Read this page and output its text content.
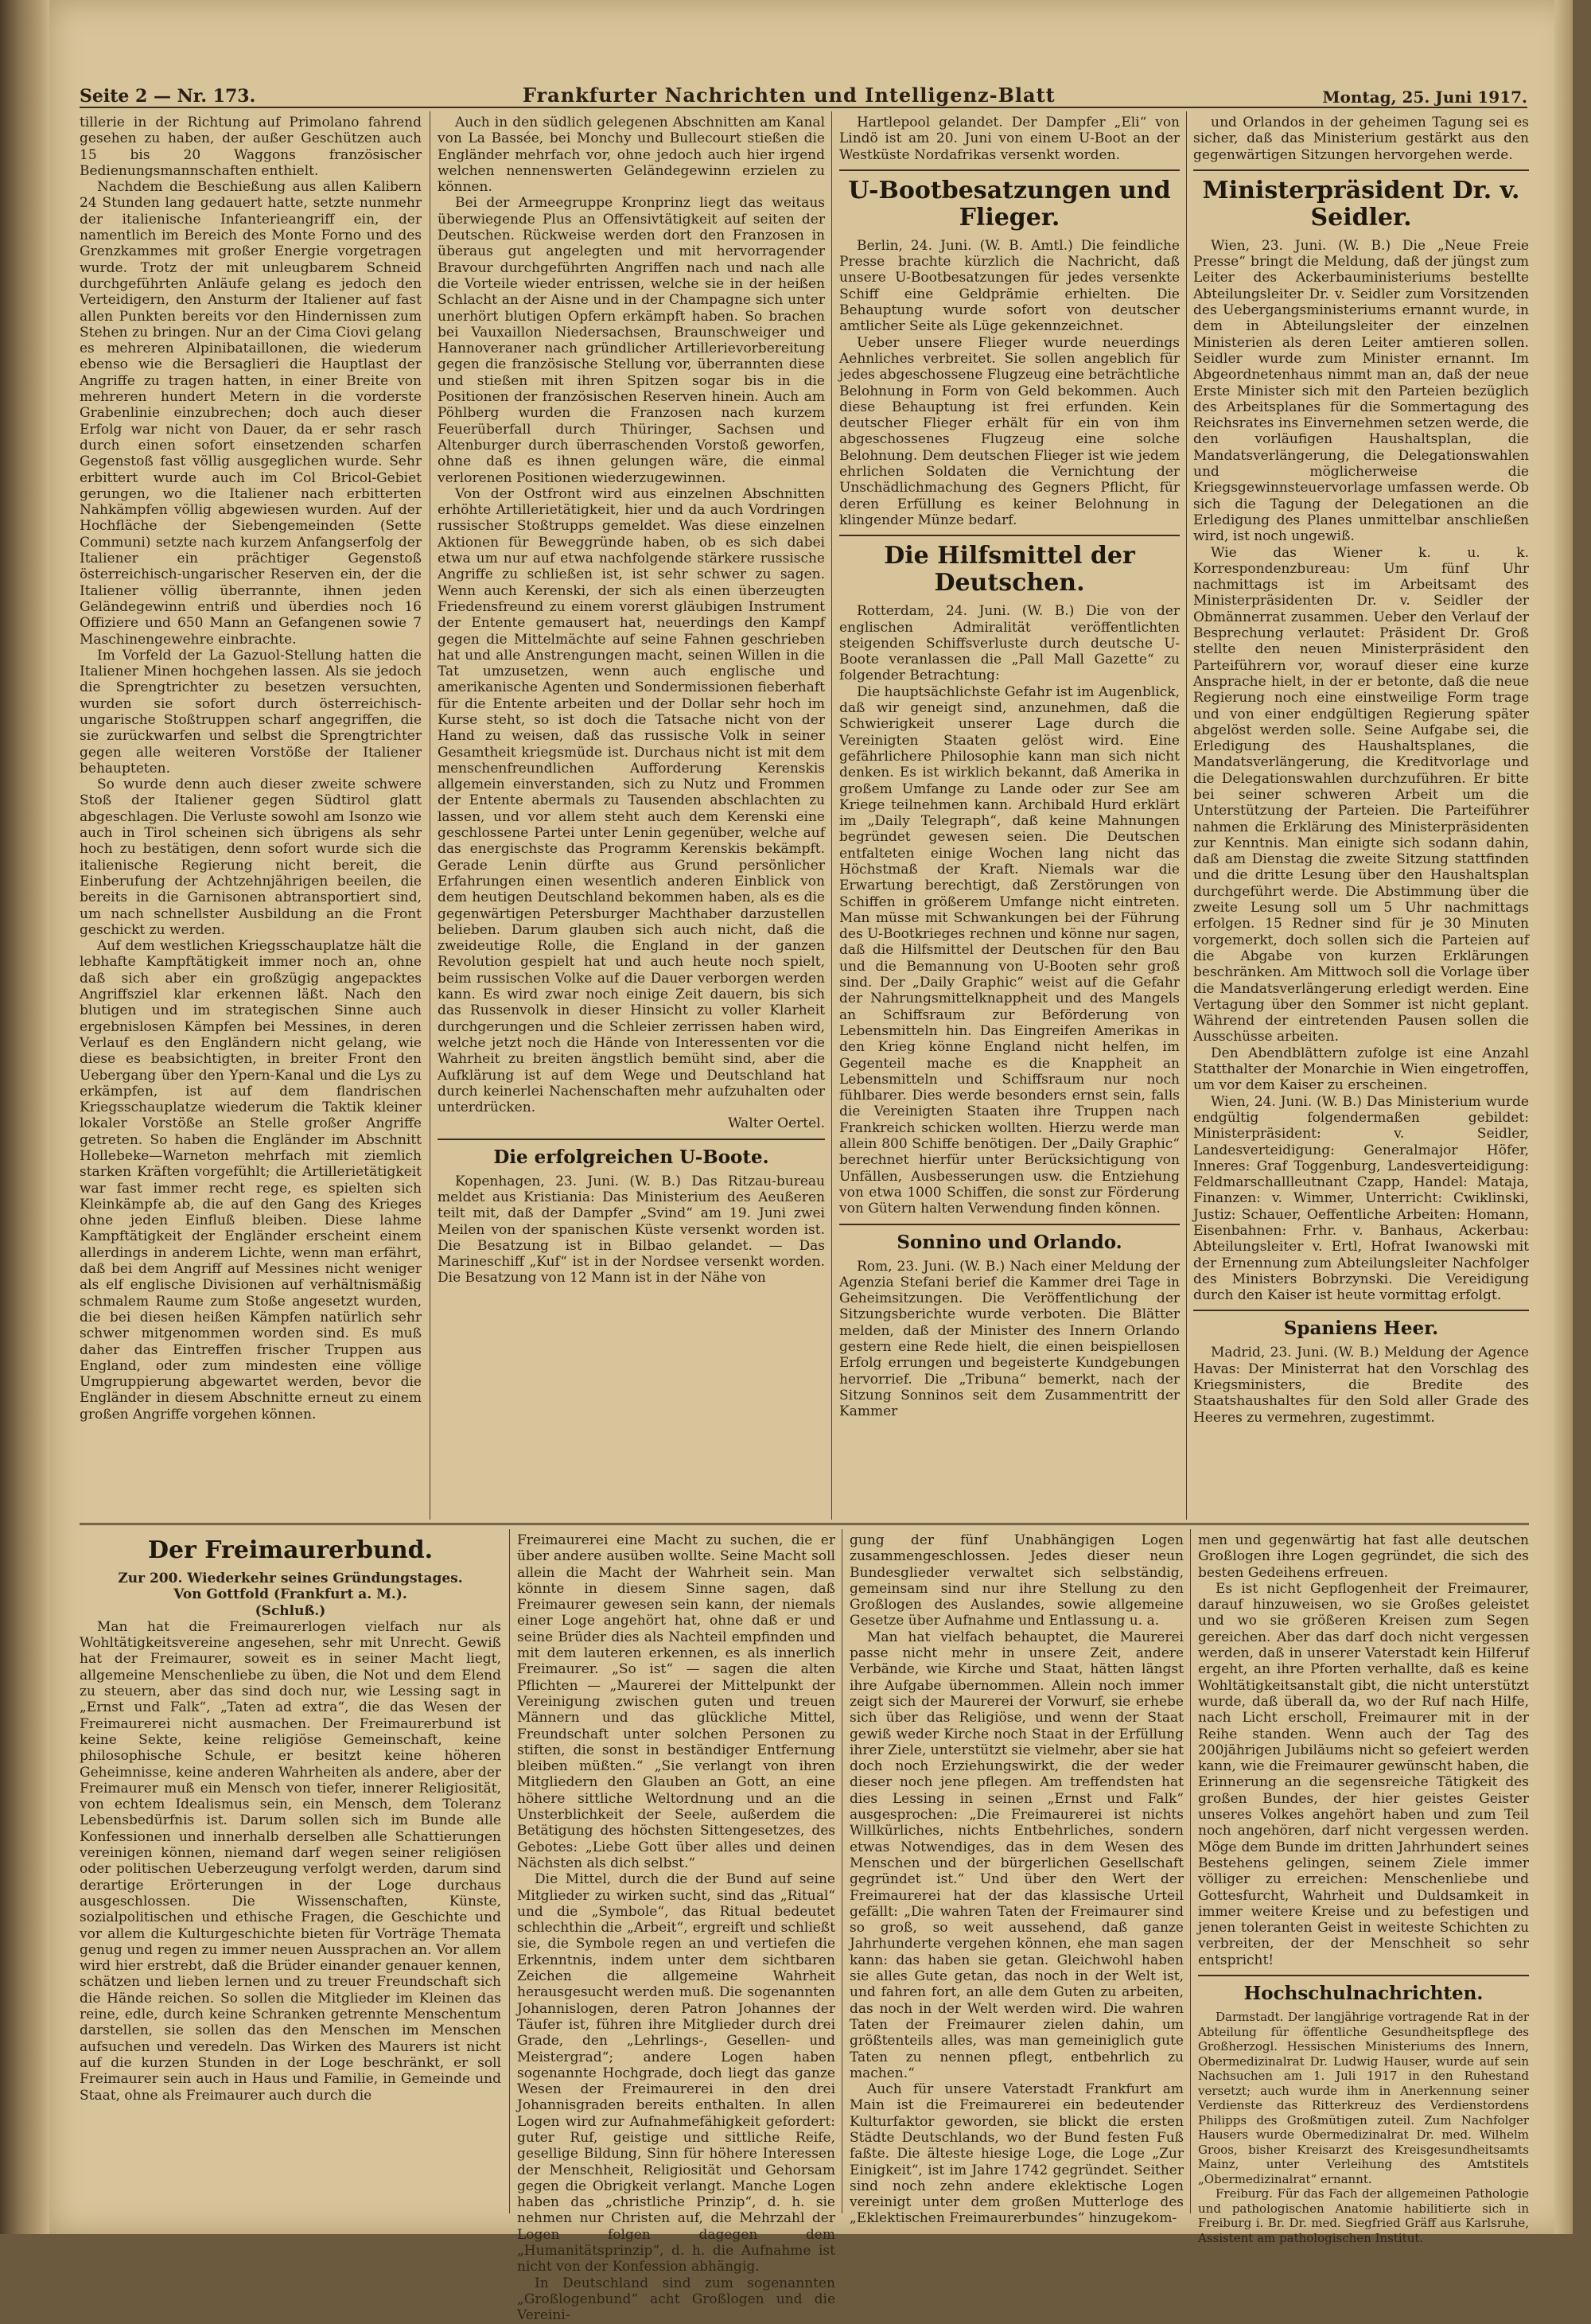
Seite 2 — Nr. 173.	Frankfurter Nachrichten und Intelligenz-Blatt	Montag, 25. Juni 1917.

tillerie in der Richtung auf Primolano fahrend gesehen zu haben, der außer Geschützen auch 15 bis 20 Waggons französischer Bedienungsmannschaften enthielt.

Nachdem die Beschießung aus allen Kalibern 24 Stunden lang gedauert hatte, setzte nunmehr der italienische Infanterieangriff ein, der namentlich im Bereich des Monte Forno und des Grenzkammes mit großer Energie vorgetragen wurde. Trotz der mit unleugbarem Schneid durchgeführten Anläufe gelang es jedoch den Verteidigern, den Ansturm der Italiener auf fast allen Punkten bereits vor den Hindernissen zum Stehen zu bringen. Nur an der Cima Ciovi gelang es mehreren Alpinibataillonen, die wiederum ebenso wie die Bersaglieri die Hauptlast der Angriffe zu tragen hatten, in einer Breite von mehreren hundert Metern in die vorderste Grabenlinie einzubrechen; doch auch dieser Erfolg war nicht von Dauer, da er sehr rasch durch einen sofort einsetzenden scharfen Gegenstoß fast völlig ausgeglichen wurde. Sehr erbittert wurde auch im Col Bricol-Gebiet gerungen, wo die Italiener nach erbitterten Nahkämpfen völlig abgewiesen wurden. Auf der Hochfläche der Siebengemeinden (Sette Communi) setzte nach kurzem Anfangserfolg der Italiener ein prächtiger Gegenstoß österreichisch-ungarischer Reserven ein, der die Italiener völlig überrannte, ihnen jeden Geländegewinn entriß und überdies noch 16 Offiziere und 650 Mann an Gefangenen sowie 7 Maschinengewehre einbrachte.

Im Vorfeld der La Gazuol-Stellung hatten die Italiener Minen hochgehen lassen. Als sie jedoch die Sprengtrichter zu besetzen versuchten, wurden sie sofort durch österreichisch-ungarische Stoßtruppen scharf angegriffen, die sie zurückwarfen und selbst die Sprengtrichter gegen alle weiteren Vorstöße der Italiener behaupteten.

So wurde denn auch dieser zweite schwere Stoß der Italiener gegen Südtirol glatt abgeschlagen. Die Verluste sowohl am Isonzo wie auch in Tirol scheinen sich übrigens als sehr hoch zu bestätigen, denn sofort wurde sich die italienische Regierung nicht bereit, die Einberufung der Achtzehnjährigen beeilen, die bereits in die Garnisonen abtransportiert sind, um nach schnellster Ausbildung an die Front geschickt zu werden.

Auf dem westlichen Kriegsschauplatze hält die lebhafte Kampftätigkeit immer noch an, ohne daß sich aber ein großzügig angepacktes Angriffsziel klar erkennen läßt. Nach den blutigen und im strategischen Sinne auch ergebnislosen Kämpfen bei Messines, in deren Verlauf es den Engländern nicht gelang, wie diese es beabsichtigten, in breiter Front den Uebergang über den Ypern-Kanal und die Lys zu erkämpfen, ist auf dem flandrischen Kriegsschauplatze wiederum die Taktik kleiner lokaler Vorstöße an Stelle großer Angriffe getreten. So haben die Engländer im Abschnitt Hollebeke—Warneton mehrfach mit ziemlich starken Kräften vorgefühlt; die Artillerietätigkeit war fast immer recht rege, es spielten sich Kleinkämpfe ab, die auf den Gang des Krieges ohne jeden Einfluß bleiben. Diese lahme Kampftätigkeit der Engländer erscheint einem allerdings in anderem Lichte, wenn man erfährt, daß bei dem Angriff auf Messines nicht weniger als elf englische Divisionen auf verhältnismäßig schmalem Raume zum Stoße angesetzt wurden, die bei diesen heißen Kämpfen natürlich sehr schwer mitgenommen worden sind. Es muß daher das Eintreffen frischer Truppen aus England, oder zum mindesten eine völlige Umgruppierung abgewartet werden, bevor die Engländer in diesem Abschnitte erneut zu einem großen Angriffe vorgehen können.

Auch in den südlich gelegenen Abschnitten am Kanal von La Bassée, bei Monchy und Bullecourt stießen die Engländer mehrfach vor, ohne jedoch auch hier irgend welchen nennenswerten Geländegewinn erzielen zu können.

Bei der Armeegruppe Kronprinz liegt das weitaus überwiegende Plus an Offensivtätigkeit auf seiten der Deutschen. Rückweise werden dort den Franzosen in überaus gut angelegten und mit hervorragender Bravour durchgeführten Angriffen nach und nach alle die Vorteile wieder entrissen, welche sie in der heißen Schlacht an der Aisne und in der Champagne sich unter unerhört blutigen Opfern erkämpft haben. So brachen bei Vauxaillon Niedersachsen, Braunschweiger und Hannoveraner nach gründlicher Artillerievorbereitung gegen die französische Stellung vor, überrannten diese und stießen mit ihren Spitzen sogar bis in die Positionen der französischen Reserven hinein. Auch am Pöhlberg wurden die Franzosen nach kurzem Feuerüberfall durch Thüringer, Sachsen und Altenburger durch überraschenden Vorstoß geworfen, ohne daß es ihnen gelungen wäre, die einmal verlorenen Positionen wiederzugewinnen.

Von der Ostfront wird aus einzelnen Abschnitten erhöhte Artillerietätigkeit, hier und da auch Vordringen russischer Stoßtrupps gemeldet. Was diese einzelnen Aktionen für Beweggründe haben, ob es sich dabei etwa um nur auf etwa nachfolgende stärkere russische Angriffe zu schließen ist, ist sehr schwer zu sagen. Wenn auch Kerenski, der sich als einen überzeugten Friedensfreund zu einem vorerst gläubigen Instrument der Entente gemausert hat, neuerdings den Kampf gegen die Mittelmächte auf seine Fahnen geschrieben hat und alle Anstrengungen macht, seinen Willen in die Tat umzusetzen, wenn auch englische und amerikanische Agenten und Sondermissionen fieberhaft für die Entente arbeiten und der Dollar sehr hoch im Kurse steht, so ist doch die Tatsache nicht von der Hand zu weisen, daß das russische Volk in seiner Gesamtheit kriegsmüde ist. Durchaus nicht ist mit dem menschenfreundlichen Aufforderung Kerenskis allgemein einverstanden, sich zu Nutz und Frommen der Entente abermals zu Tausenden abschlachten zu lassen, und vor allem steht auch dem Kerenski eine geschlossene Partei unter Lenin gegenüber, welche auf das energischste das Programm Kerenskis bekämpft. Gerade Lenin dürfte aus Grund persönlicher Erfahrungen einen wesentlich anderen Einblick von dem heutigen Deutschland bekommen haben, als es die gegenwärtigen Petersburger Machthaber darzustellen belieben. Darum glauben sich auch nicht, daß die zweideutige Rolle, die England in der ganzen Revolution gespielt hat und auch heute noch spielt, beim russischen Volke auf die Dauer verborgen werden kann. Es wird zwar noch einige Zeit dauern, bis sich das Russenvolk in dieser Hinsicht zu voller Klarheit durchgerungen und die Schleier zerrissen haben wird, welche jetzt noch die Hände von Interessenten vor die Wahrheit zu breiten ängstlich bemüht sind, aber die Aufklärung ist auf dem Wege und Deutschland hat durch keinerlei Nachenschaften mehr aufzuhalten oder unterdrücken.

Walter Oertel.

Die erfolgreichen U-Boote.

Kopenhagen, 23. Juni. (W. B.) Das Ritzau-bureau meldet aus Kristiania: Das Ministerium des Aeußeren teilt mit, daß der Dampfer „Svind“ am 19. Juni zwei Meilen von der spanischen Küste versenkt worden ist. Die Besatzung ist in Bilbao gelandet. — Das Marineschiff „Kuf“ ist in der Nordsee versenkt worden. Die Besatzung von 12 Mann ist in der Nähe von

Hartlepool gelandet. Der Dampfer „Eli“ von Lindö ist am 20. Juni von einem U-Boot an der Westküste Nordafrikas versenkt worden.

U-Bootbesatzungen und Flieger.

Berlin, 24. Juni. (W. B. Amtl.) Die feindliche Presse brachte kürzlich die Nachricht, daß unsere U-Bootbesatzungen für jedes versenkte Schiff eine Geldprämie erhielten. Die Behauptung wurde sofort von deutscher amtlicher Seite als Lüge gekennzeichnet.

Ueber unsere Flieger wurde neuerdings Aehnliches verbreitet. Sie sollen angeblich für jedes abgeschossene Flugzeug eine beträchtliche Belohnung in Form von Geld bekommen. Auch diese Behauptung ist frei erfunden. Kein deutscher Flieger erhält für ein von ihm abgeschossenes Flugzeug eine solche Belohnung. Dem deutschen Flieger ist wie jedem ehrlichen Soldaten die Vernichtung der Unschädlichmachung des Gegners Pflicht, für deren Erfüllung es keiner Belohnung in klingender Münze bedarf.

Die Hilfsmittel der Deutschen.

Rotterdam, 24. Juni. (W. B.) Die von der englischen Admiralität veröffentlichten steigenden Schiffsverluste durch deutsche U-Boote veranlassen die „Pall Mall Gazette“ zu folgender Betrachtung:

Die hauptsächlichste Gefahr ist im Augenblick, daß wir geneigt sind, anzunehmen, daß die Schwierigkeit unserer Lage durch die Vereinigten Staaten gelöst wird. Eine gefährlichere Philosophie kann man sich nicht denken. Es ist wirklich bekannt, daß Amerika in großem Umfange zu Lande oder zur See am Kriege teilnehmen kann. Archibald Hurd erklärt im „Daily Telegraph“, daß keine Mahnungen begründet gewesen seien. Die Deutschen entfalteten einige Wochen lang nicht das Höchstmaß der Kraft. Niemals war die Erwartung berechtigt, daß Zerstörungen von Schiffen in größerem Umfange nicht eintreten. Man müsse mit Schwankungen bei der Führung des U-Bootkrieges rechnen und könne nur sagen, daß die Hilfsmittel der Deutschen für den Bau und die Bemannung von U-Booten sehr groß sind. Der „Daily Graphic“ weist auf die Gefahr der Nahrungsmittelknappheit und des Mangels an Schiffsraum zur Beförderung von Lebensmitteln hin. Das Eingreifen Amerikas in den Krieg könne England nicht helfen, im Gegenteil mache es die Knappheit an Lebensmitteln und Schiffsraum nur noch fühlbarer. Dies werde besonders ernst sein, falls die Vereinigten Staaten ihre Truppen nach Frankreich schicken wollten. Hierzu werde man allein 800 Schiffe benötigen. Der „Daily Graphic“ berechnet hierfür unter Berücksichtigung von Unfällen, Ausbesserungen usw. die Entziehung von etwa 1000 Schiffen, die sonst zur Förderung von Gütern halten Verwendung finden können.

Sonnino und Orlando.

Rom, 23. Juni. (W. B.) Nach einer Meldung der Agenzia Stefani berief die Kammer drei Tage in Geheimsitzungen. Die Veröffentlichung der Sitzungsberichte wurde verboten. Die Blätter melden, daß der Minister des Innern Orlando gestern eine Rede hielt, die einen beispiellosen Erfolg errungen und begeisterte Kundgebungen hervorrief. Die „Tribuna“ bemerkt, nach der Sitzung Sonninos seit dem Zusammentritt der Kammer

und Orlandos in der geheimen Tagung sei es sicher, daß das Ministerium gestärkt aus den gegenwärtigen Sitzungen hervorgehen werde.

Ministerpräsident Dr. v. Seidler.

Wien, 23. Juni. (W. B.) Die „Neue Freie Presse“ bringt die Meldung, daß der jüngst zum Leiter des Ackerbauministeriums bestellte Abteilungsleiter Dr. v. Seidler zum Vorsitzenden des Uebergangsministeriums ernannt wurde, in dem in Abteilungsleiter der einzelnen Ministerien als deren Leiter amtieren sollen. Seidler wurde zum Minister ernannt. Im Abgeordnetenhaus nimmt man an, daß der neue Erste Minister sich mit den Parteien bezüglich des Arbeitsplanes für die Sommertagung des Reichsrates ins Einvernehmen setzen werde, die den vorläufigen Haushaltsplan, die Mandatsverlängerung, die Delegationswahlen und möglicherweise die Kriegsgewinnsteuervorlage umfassen werde. Ob sich die Tagung der Delegationen an die Erledigung des Planes unmittelbar anschließen wird, ist noch ungewiß.

Wie das Wiener k. u. k. Korrespondenzbureau: Um fünf Uhr nachmittags ist im Arbeitsamt des Ministerpräsidenten Dr. v. Seidler der Obmännerrat zusammen. Ueber den Verlauf der Besprechung verlautet: Präsident Dr. Groß stellte den neuen Ministerpräsident den Parteiführern vor, worauf dieser eine kurze Ansprache hielt, in der er betonte, daß die neue Regierung noch eine einstweilige Form trage und von einer endgültigen Regierung später abgelöst werden solle. Seine Aufgabe sei, die Erledigung des Haushaltsplanes, die Mandatsverlängerung, die Kreditvorlage und die Delegationswahlen durchzuführen. Er bitte bei seiner schweren Arbeit um die Unterstützung der Parteien. Die Parteiführer nahmen die Erklärung des Ministerpräsidenten zur Kenntnis. Man einigte sich sodann dahin, daß am Dienstag die zweite Sitzung stattfinden und die dritte Lesung über den Haushaltsplan durchgeführt werde. Die Abstimmung über die zweite Lesung soll um 5 Uhr nachmittags erfolgen. 15 Redner sind für je 30 Minuten vorgemerkt, doch sollen sich die Parteien auf die Abgabe von kurzen Erklärungen beschränken. Am Mittwoch soll die Vorlage über die Mandatsverlängerung erledigt werden. Eine Vertagung über den Sommer ist nicht geplant. Während der eintretenden Pausen sollen die Ausschüsse arbeiten.

Den Abendblättern zufolge ist eine Anzahl Statthalter der Monarchie in Wien eingetroffen, um vor dem Kaiser zu erscheinen.

Wien, 24. Juni. (W. B.) Das Ministerium wurde endgültig folgendermaßen gebildet: Ministerpräsident: v. Seidler, Landesverteidigung: Generalmajor Höfer, Inneres: Graf Toggenburg, Landesverteidigung: Feldmarschallleutnant Czapp, Handel: Mataja, Finanzen: v. Wimmer, Unterricht: Cwiklinski, Justiz: Schauer, Oeffentliche Arbeiten: Homann, Eisenbahnen: Frhr. v. Banhaus, Ackerbau: Abteilungsleiter v. Ertl, Hofrat Iwanowski mit der Ernennung zum Abteilungsleiter Nachfolger des Ministers Bobrzynski. Die Vereidigung durch den Kaiser ist heute vormittag erfolgt.

Spaniens Heer.

Madrid, 23. Juni. (W. B.) Meldung der Agence Havas: Der Ministerrat hat den Vorschlag des Kriegsministers, die Bredite des Staatshaushaltes für den Sold aller Grade des Heeres zu vermehren, zugestimmt.

Der Freimaurerbund.

Zur 200. Wiederkehr seines Gründungstages.

Von Gottfold (Frankfurt a. M.).

(Schluß.)

Man hat die Freimaurerlogen vielfach nur als Wohltätigkeitsvereine angesehen, sehr mit Unrecht. Gewiß hat der Freimaurer, soweit es in seiner Macht liegt, allgemeine Menschenliebe zu üben, die Not und dem Elend zu steuern, aber das sind doch nur, wie Lessing sagt in „Ernst und Falk“, „Taten ad extra“, die das Wesen der Freimaurerei nicht ausmachen. Der Freimaurerbund ist keine Sekte, keine religiöse Gemeinschaft, keine philosophische Schule, er besitzt keine höheren Geheimnisse, keine anderen Wahrheiten als andere, aber der Freimaurer muß ein Mensch von tiefer, innerer Religiosität, von echtem Idealismus sein, ein Mensch, dem Toleranz Lebensbedürfnis ist. Darum sollen sich im Bunde alle Konfessionen und innerhalb derselben alle Schattierungen vereinigen können, niemand darf wegen seiner religiösen oder politischen Ueberzeugung verfolgt werden, darum sind derartige Erörterungen in der Loge durchaus ausgeschlossen. Die Wissenschaften, Künste, sozialpolitischen und ethische Fragen, die Geschichte und vor allem die Kulturgeschichte bieten für Vorträge Themata genug und regen zu immer neuen Aussprachen an. Vor allem wird hier erstrebt, daß die Brüder einander genauer kennen, schätzen und lieben lernen und zu treuer Freundschaft sich die Hände reichen. So sollen die Mitglieder im Kleinen das reine, edle, durch keine Schranken getrennte Menschentum darstellen, sie sollen das den Menschen im Menschen aufsuchen und veredeln. Das Wirken des Maurers ist nicht auf die kurzen Stunden in der Loge beschränkt, er soll Freimaurer sein auch in Haus und Familie, in Gemeinde und Staat, ohne als Freimaurer auch durch die

Freimaurerei eine Macht zu suchen, die er über andere ausüben wollte. Seine Macht soll allein die Macht der Wahrheit sein. Man könnte in diesem Sinne sagen, daß Freimaurer gewesen sein kann, der niemals einer Loge angehört hat, ohne daß er und seine Brüder dies als Nachteil empfinden und mit dem lauteren erkennen, es als innerlich Freimaurer. „So ist“ — sagen die alten Pflichten — „Maurerei der Mittelpunkt der Vereinigung zwischen guten und treuen Männern und das glückliche Mittel, Freundschaft unter solchen Personen zu stiften, die sonst in beständiger Entfernung bleiben müßten.“ „Sie verlangt von ihren Mitgliedern den Glauben an Gott, an eine höhere sittliche Weltordnung und an die Unsterblichkeit der Seele, außerdem die Betätigung des höchsten Sittengesetzes, des Gebotes: „Liebe Gott über alles und deinen Nächsten als dich selbst.“

Die Mittel, durch die der Bund auf seine Mitglieder zu wirken sucht, sind das „Ritual“ und die „Symbole“, das Ritual bedeutet schlechthin die „Arbeit“, ergreift und schließt sie, die Symbole regen an und vertiefen die Erkenntnis, indem unter dem sichtbaren Zeichen die allgemeine Wahrheit herausgesucht werden muß. Die sogenannten Johannislogen, deren Patron Johannes der Täufer ist, führen ihre Mitglieder durch drei Grade, den „Lehrlings-, Gesellen- und Meistergrad“; andere Logen haben sogenannte Hochgrade, doch liegt das ganze Wesen der Freimaurerei in den drei Johannisgraden bereits enthalten. In allen Logen wird zur Aufnahmefähigkeit gefordert: guter Ruf, geistige und sittliche Reife, gesellige Bildung, Sinn für höhere Interessen der Menschheit, Religiosität und Gehorsam gegen die Obrigkeit verlangt. Manche Logen haben das „christliche Prinzip“, d. h. sie nehmen nur Christen auf, die Mehrzahl der Logen folgen dagegen dem „Humanitätsprinzip“, d. h. die Aufnahme ist nicht von der Konfession abhängig.

In Deutschland sind zum sogenannten „Großlogenbund“ acht Großlogen und die Vereini-

gung der fünf Unabhängigen Logen zusammengeschlossen. Jedes dieser neun Bundesglieder verwaltet sich selbständig, gemeinsam sind nur ihre Stellung zu den Großlogen des Auslandes, sowie allgemeine Gesetze über Aufnahme und Entlassung u. a.

Man hat vielfach behauptet, die Maurerei passe nicht mehr in unsere Zeit, andere Verbände, wie Kirche und Staat, hätten längst ihre Aufgabe übernommen. Allein noch immer zeigt sich der Maurerei der Vorwurf, sie erhebe sich über das Religiöse, und wenn der Staat gewiß weder Kirche noch Staat in der Erfüllung ihrer Ziele, unterstützt sie vielmehr, aber sie hat doch noch Erziehungswirkt, die der weder dieser noch jene pflegen. Am treffendsten hat dies Lessing in seinen „Ernst und Falk“ ausgesprochen: „Die Freimaurerei ist nichts Willkürliches, nichts Entbehrliches, sondern etwas Notwendiges, das in dem Wesen des Menschen und der bürgerlichen Gesellschaft gegründet ist.“ Und über den Wert der Freimaurerei hat der das klassische Urteil gefällt: „Die wahren Taten der Freimaurer sind so groß, so weit aussehend, daß ganze Jahrhunderte vergehen können, ehe man sagen kann: das haben sie getan. Gleichwohl haben sie alles Gute getan, das noch in der Welt ist, und fahren fort, an alle dem Guten zu arbeiten, das noch in der Welt werden wird. Die wahren Taten der Freimaurer zielen dahin, um größtenteils alles, was man gemeiniglich gute Taten zu nennen pflegt, entbehrlich zu machen.“

Auch für unsere Vaterstadt Frankfurt am Main ist die Freimaurerei ein bedeutender Kulturfaktor geworden, sie blickt die ersten Städte Deutschlands, wo der Bund festen Fuß faßte. Die älteste hiesige Loge, die Loge „Zur Einigkeit“, ist im Jahre 1742 gegründet. Seither sind noch zehn andere eklektische Logen vereinigt unter dem großen Mutterloge des „Eklektischen Freimaurerbundes“ hinzugekom-

men und gegenwärtig hat fast alle deutschen Großlogen ihre Logen gegründet, die sich des besten Gedeihens erfreuen.

Es ist nicht Gepflogenheit der Freimaurer, darauf hinzuweisen, wo sie Großes geleistet und wo sie größeren Kreisen zum Segen gereichen. Aber das darf doch nicht vergessen werden, daß in unserer Vaterstadt kein Hilferuf ergeht, an ihre Pforten verhallte, daß es keine Wohltätigkeitsanstalt gibt, die nicht unterstützt wurde, daß überall da, wo der Ruf nach Hilfe, nach Licht erscholl, Freimaurer mit in der Reihe standen. Wenn auch der Tag des 200jährigen Jubiläums nicht so gefeiert werden kann, wie die Freimaurer gewünscht haben, die Erinnerung an die segensreiche Tätigkeit des großen Bundes, der hier geistes Geister unseres Volkes angehört haben und zum Teil noch angehören, darf nicht vergessen werden. Möge dem Bunde im dritten Jahrhundert seines Bestehens gelingen, seinem Ziele immer völliger zu erreichen: Menschenliebe und Gottesfurcht, Wahrheit und Duldsamkeit in immer weitere Kreise und zu befestigen und jenen toleranten Geist in weiteste Schichten zu verbreiten, der der Menschheit so sehr entspricht!

Hochschulnachrichten.

Darmstadt. Der langjährige vortragende Rat in der Abteilung für öffentliche Gesundheitspflege des Großherzogl. Hessischen Ministeriums des Innern, Obermedizinalrat Dr. Ludwig Hauser, wurde auf sein Nachsuchen am 1. Juli 1917 in den Ruhestand versetzt; auch wurde ihm in Anerkennung seiner Verdienste das Ritterkreuz des Verdienstordens Philipps des Großmütigen zuteil. Zum Nachfolger Hausers wurde Obermedizinalrat Dr. med. Wilhelm Groos, bisher Kreisarzt des Kreisgesundheitsamts Mainz, unter Verleihung des Amtstitels „Obermedizinalrat“ ernannt.

Freiburg. Für das Fach der allgemeinen Pathologie und pathologischen Anatomie habilitierte sich in Freiburg i. Br. Dr. med. Siegfried Gräff aus Karlsruhe, Assistent am pathologischen Institut.
